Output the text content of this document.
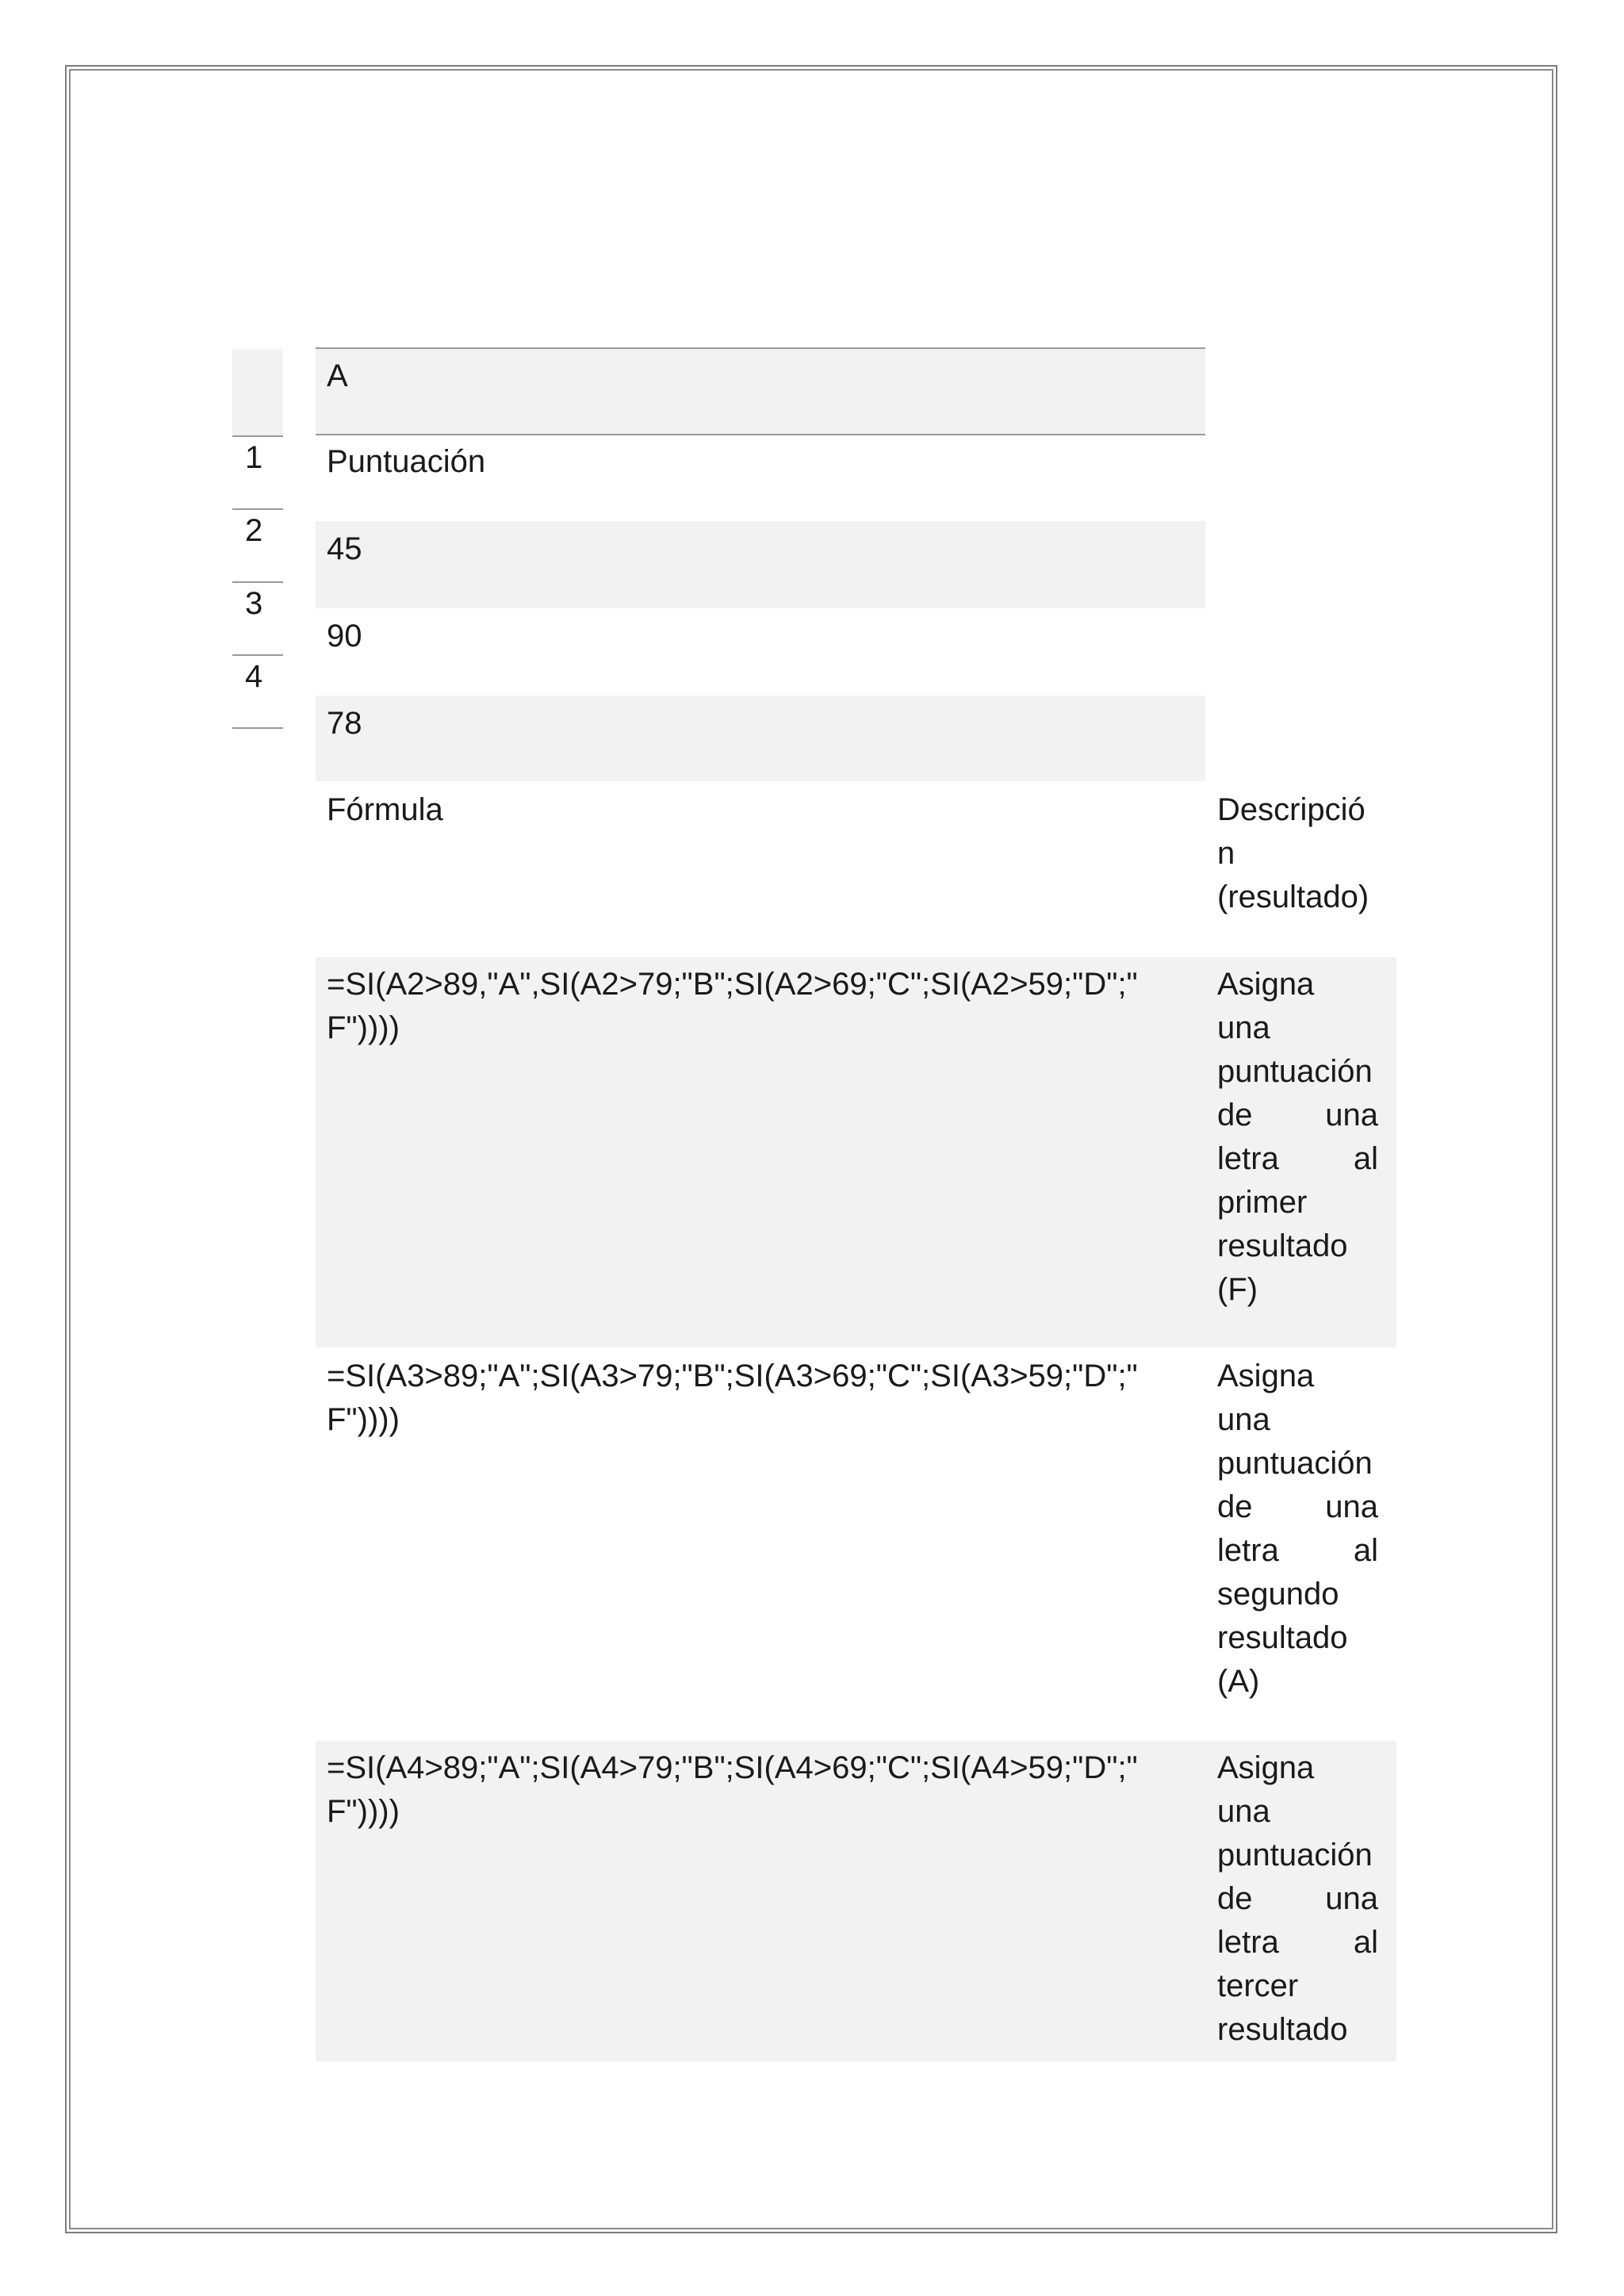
1
2
3
4
A
Puntuación
45
90
78
Fórmula	Descripció
n
(resultado)
=SI(A2>89,"A",SI(A2>79;"B";SI(A2>69;"C";SI(A2>59;"D";"
F"))))
Asigna
una
puntuación
de una
letra al
primer
resultado
(F)
=SI(A3>89;"A";SI(A3>79;"B";SI(A3>69;"C";SI(A3>59;"D";"
F"))))
Asigna
una
puntuación
de una
letra al
segundo
resultado
(A)
=SI(A4>89;"A";SI(A4>79;"B";SI(A4>69;"C";SI(A4>59;"D";"
F"))))
Asigna
una
puntuación
de una
letra al
tercer
resultado
